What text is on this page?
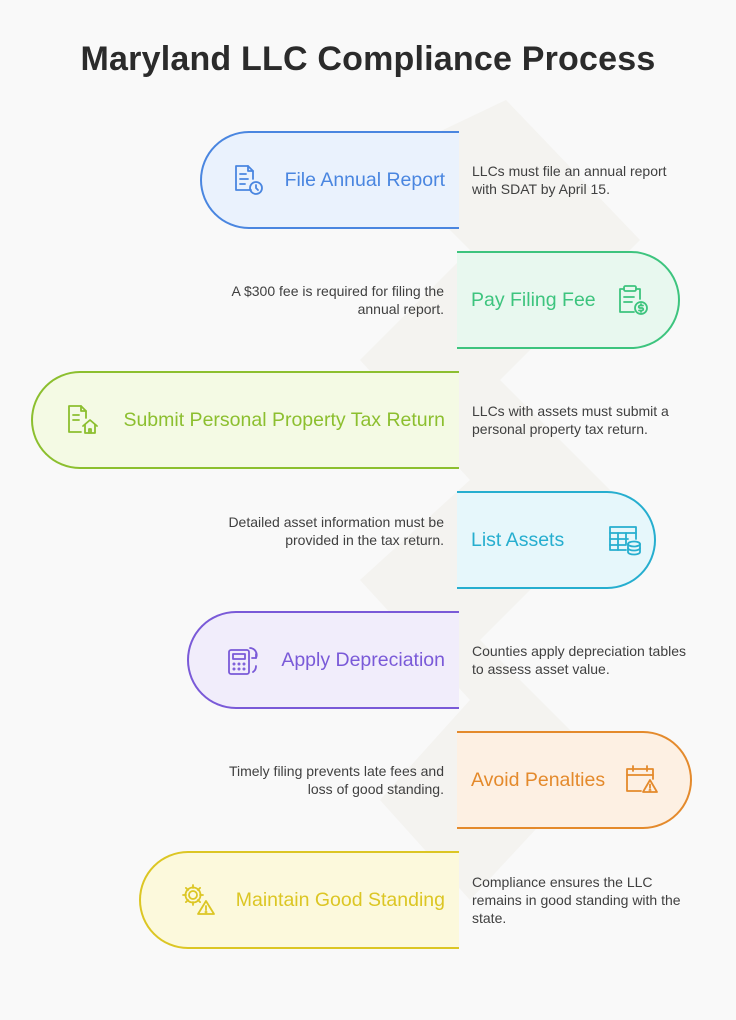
Maryland LLC Compliance Process
File Annual Report LLCs must file an annual report with SDAT by April 15.
Pay Filing Fee
A $300 fee is required for filing the annual report.
Submit Personal Property Tax Return LLCs with assets must submit a personal property tax return.
List Assets
Detailed asset information must be provided in the tax return.
Apply Depreciation Counties apply depreciation tables to assess asset value.
Avoid Penalties
Timely filing prevents late fees and loss of good standing.
Maintain Good Standing
Compliance ensures the LLC remains in good standing with the state.
